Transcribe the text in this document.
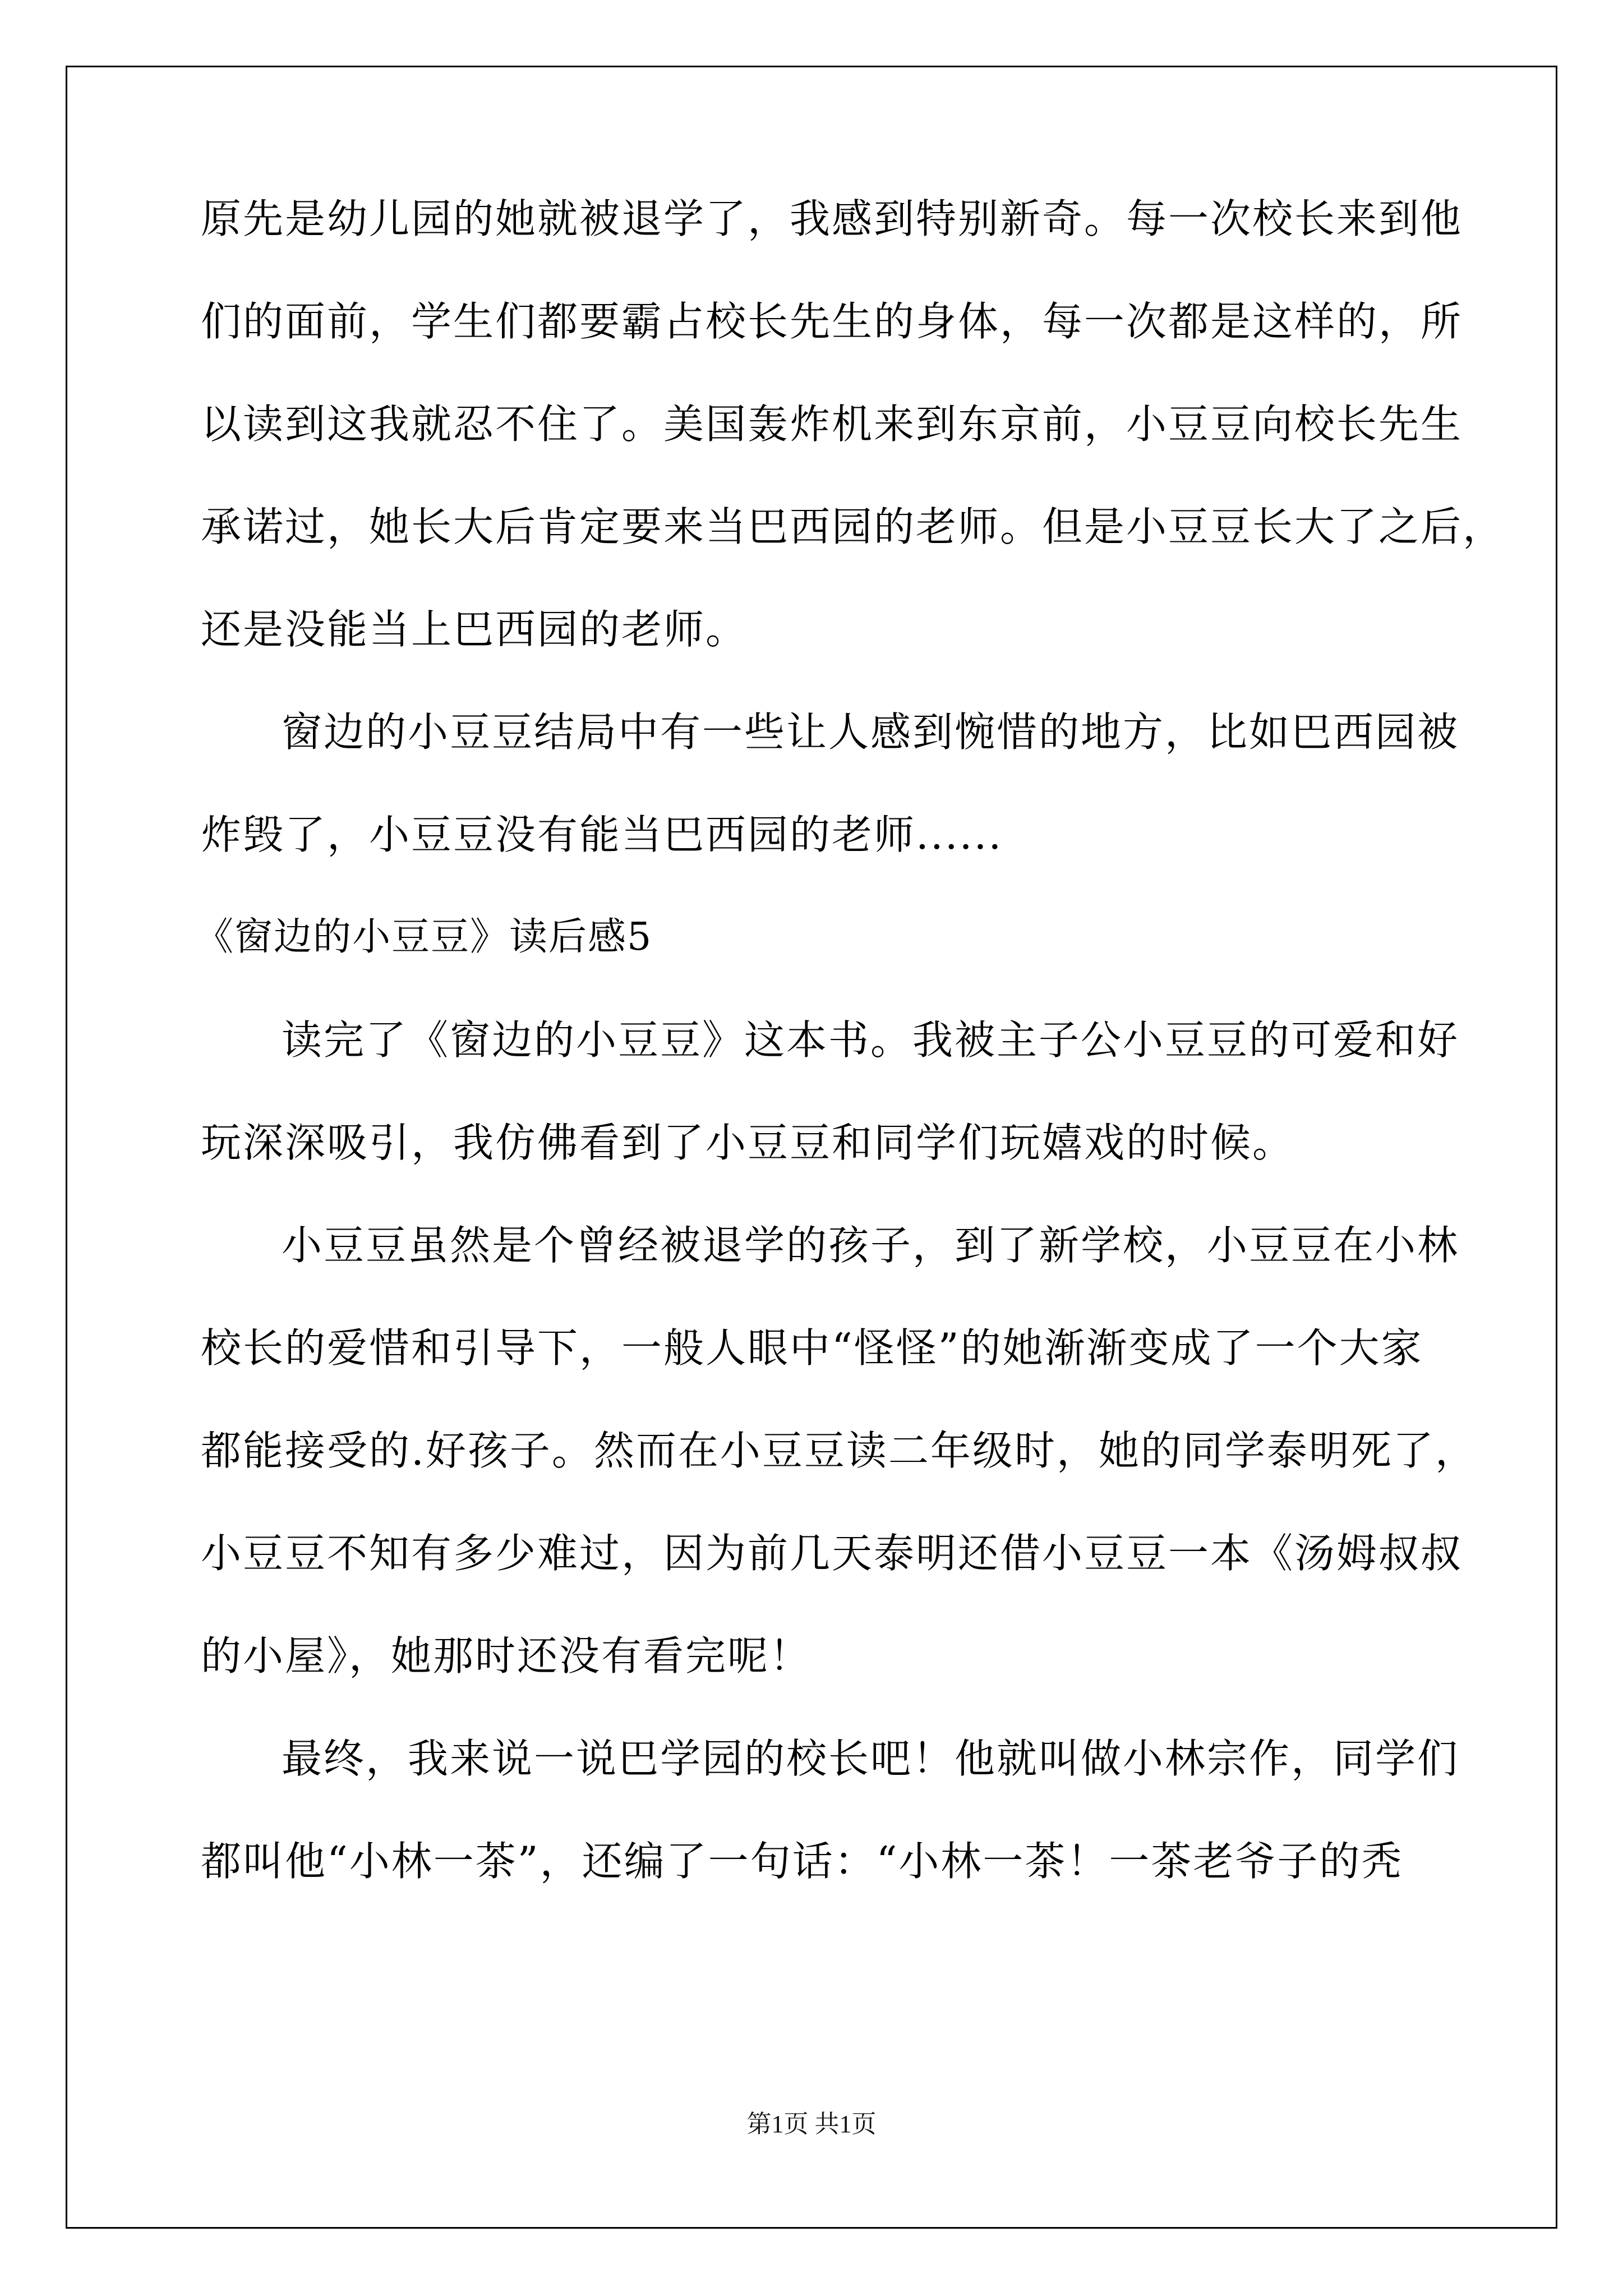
原先是幼儿园的她就被退学了，我感到特别新奇。每一次校长来到他
们的面前，学生们都要霸占校长先生的身体，每一次都是这样的，所
以读到这我就忍不住了。美国轰炸机来到东京前，小豆豆向校长先生
承诺过，她长大后肯定要来当巴西园的老师。但是小豆豆长大了之后，
还是没能当上巴西园的老师。
窗边的小豆豆结局中有一些让人感到惋惜的地方，比如巴西园被
炸毁了，小豆豆没有能当巴西园的老师......
《窗边的小豆豆》读后感5
读完了《窗边的小豆豆》这本书。我被主子公小豆豆的可爱和好
玩深深吸引，我仿佛看到了小豆豆和同学们玩嬉戏的时候。
小豆豆虽然是个曾经被退学的孩子，到了新学校，小豆豆在小林
校长的爱惜和引导下，一般人眼中“怪怪”的她渐渐变成了一个大家
都能接受的.好孩子。然而在小豆豆读二年级时，她的同学泰明死了，
小豆豆不知有多少难过，因为前几天泰明还借小豆豆一本《汤姆叔叔
的小屋》，她那时还没有看完呢！
最终，我来说一说巴学园的校长吧！他就叫做小林宗作，同学们
都叫他“小林一茶”，还编了一句话：“小林一茶！一茶老爷子的秃
第1页 共1页
